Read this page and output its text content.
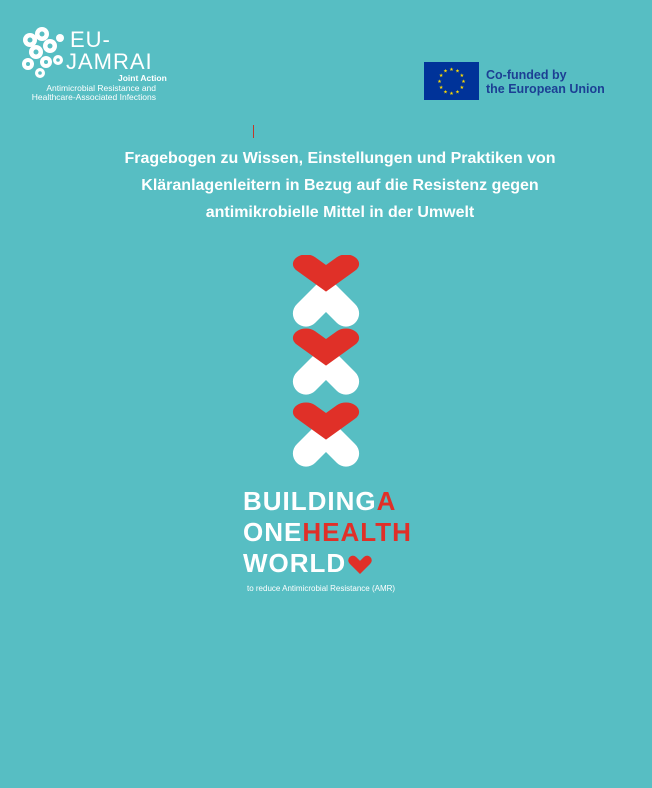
EU-
JAMRAI
Joint Action
Antimicrobial Resistance and
Healthcare-Associated Infections
★ ★
★
★
★
★
★
★
★
★
★
★	Co-funded by
the European Union
Fragebogen zu Wissen, Einstellungen und Praktiken von
Kläranlagenleitern in Bezug auf die Resistenz gegen
antimikrobielle Mittel in der Umwelt
BUILDINGA
ONEHEALTH
WORLD
to reduce Antimicrobial Resistance (AMR)
